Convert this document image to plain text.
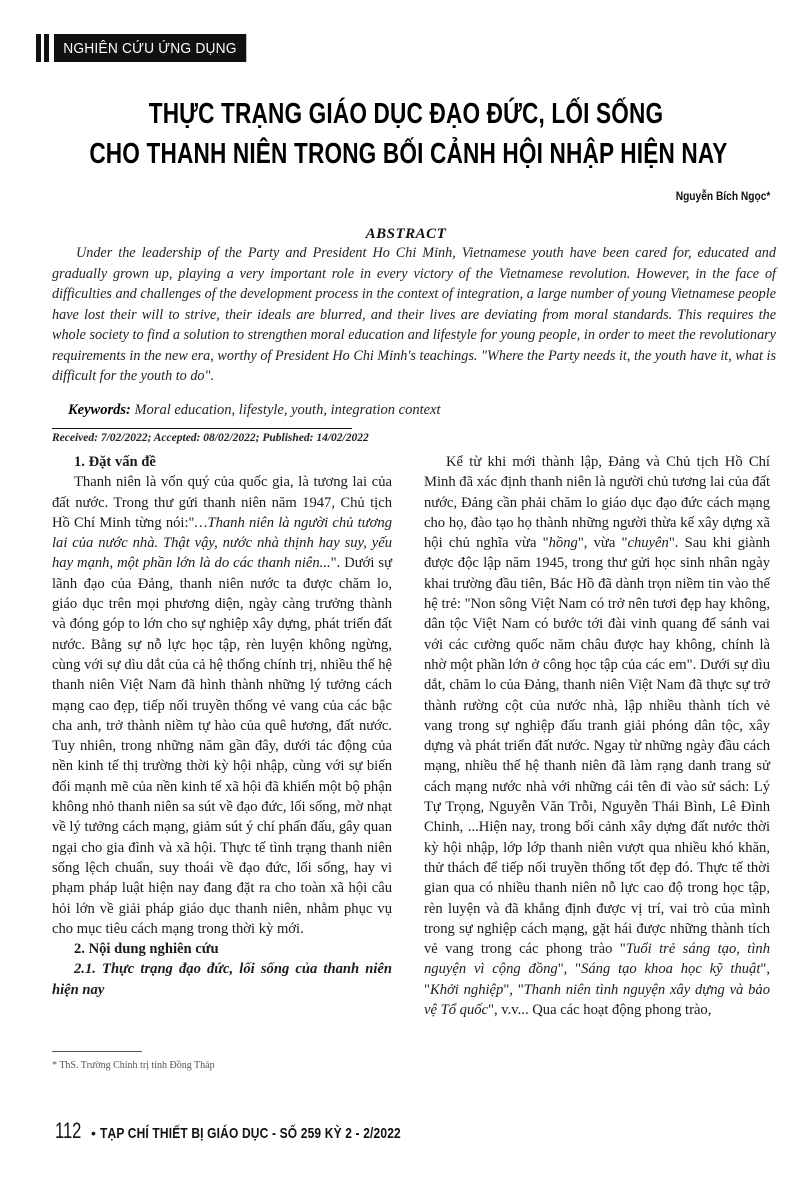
NGHIÊN CỨU ỨNG DỤNG
THỰC TRẠNG GIÁO DỤC ĐẠO ĐỨC, LỐI SỐNG
CHO THANH NIÊN TRONG BỐI CẢNH HỘI NHẬP HIỆN NAY
Nguyễn Bích Ngọc*
ABSTRACT

Under the leadership of the Party and President Ho Chi Minh, Vietnamese youth have been cared for, educated and gradually grown up, playing a very important role in every victory of the Vietnamese revolution. However, in the face of difficulties and challenges of the development process in the context of integration, a large number of young Vietnamese people have lost their will to strive, their ideals are blurred, and their lives are deviating from moral standards. This requires the whole society to find a solution to strengthen moral education and lifestyle for young people, in order to meet the revolutionary requirements in the new era, worthy of President Ho Chi Minh's teachings. "Where the Party needs it, the youth have it, what is difficult for the youth to do".

Keywords: Moral education, lifestyle, youth, integration context
Received: 7/02/2022; Accepted: 08/02/2022; Published: 14/02/2022
1. Đặt vấn đề

Thanh niên là vốn quý của quốc gia, là tương lai của đất nước. Trong thư gửi thanh niên năm 1947, Chủ tịch Hồ Chí Minh từng nói:"…Thanh niên là người chủ tương lai của nước nhà. Thật vậy, nước nhà thịnh hay suy, yếu hay mạnh, một phần lớn là do các thanh niên...". Dưới sự lãnh đạo của Đảng, thanh niên nước ta được chăm lo, giáo dục trên mọi phương diện, ngày càng trưởng thành và đóng góp to lớn cho sự nghiệp xây dựng, phát triển đất nước. Bằng sự nỗ lực học tập, rèn luyện không ngừng, cùng với sự dìu dắt của cả hệ thống chính trị, nhiều thế hệ thanh niên Việt Nam đã hình thành những lý tưởng cách mạng cao đẹp, tiếp nối truyền thống vẻ vang của các bậc cha anh, trở thành niềm tự hào của quê hương, đất nước. Tuy nhiên, trong những năm gần đây, dưới tác động của nền kinh tế thị trường thời kỳ hội nhập, cùng với sự biến đổi mạnh mẽ của nền kinh tế xã hội đã khiến một bộ phận không nhỏ thanh niên sa sút về đạo đức, lối sống, mờ nhạt về lý tưởng cách mạng, giảm sút ý chí phấn đấu, gây quan ngại cho gia đình và xã hội. Thực tế tình trạng thanh niên sống lệch chuẩn, suy thoái về đạo đức, lối sống, hay vi phạm pháp luật hiện nay đang đặt ra cho toàn xã hội câu hỏi lớn về giải pháp giáo dục thanh niên, nhằm phục vụ cho mục tiêu cách mạng trong thời kỳ mới.

2. Nội dung nghiên cứu
2.1. Thực trạng đạo đức, lối sống của thanh niên hiện nay

Kể từ khi mới thành lập, Đảng và Chủ tịch Hồ Chí Minh đã xác định thanh niên là người chủ tương lai của đất nước, Đảng cần phải chăm lo giáo dục đạo đức cách mạng cho họ, đào tạo họ thành những người thừa kế xây dựng xã hội chủ nghĩa vừa "hồng", vừa "chuyên". Sau khi giành được độc lập năm 1945, trong thư gửi học sinh nhân ngày khai trường đầu tiên, Bác Hồ đã dành trọn niềm tin vào thế hệ trẻ: "Non sông Việt Nam có trở nên tươi đẹp hay không, dân tộc Việt Nam có bước tới đài vinh quang để sánh vai với các cường quốc năm châu được hay không, chính là nhờ một phần lớn ở công học tập của các em". Dưới sự dìu dắt, chăm lo của Đảng, thanh niên Việt Nam đã thực sự trở thành rường cột của nước nhà, lập nhiều thành tích vẻ vang trong sự nghiệp đấu tranh giải phóng dân tộc, xây dựng và phát triển đất nước. Ngay từ những ngày đầu cách mạng, nhiều thế hệ thanh niên đã làm rạng danh trang sử cách mạng nước nhà với những cái tên đi vào sử sách: Lý Tự Trọng, Nguyễn Văn Trỗi, Nguyễn Thái Bình, Lê Đình Chinh, ...Hiện nay, trong bối cảnh xây dựng đất nước thời kỳ hội nhập, lớp lớp thanh niên vượt qua nhiều khó khăn, thử thách để tiếp nối truyền thống tốt đẹp đó. Thực tế thời gian qua có nhiều thanh niên nỗ lực cao độ trong học tập, rèn luyện và đã khẳng định được vị trí, vai trò của mình trong sự nghiệp cách mạng, gặt hái được những thành tích vẻ vang trong các phong trào "Tuổi trẻ sáng tạo, tình nguyện vì cộng đồng", "Sáng tạo khoa học kỹ thuật", "Khởi nghiệp", "Thanh niên tình nguyện xây dựng và bảo vệ Tổ quốc", v.v... Qua các hoạt động phong trào,

* ThS. Trường Chính trị tỉnh Đồng Tháp
112 • TẠP CHÍ THIẾT BỊ GIÁO DỤC - SỐ 259 KỲ 2 - 2/2022
